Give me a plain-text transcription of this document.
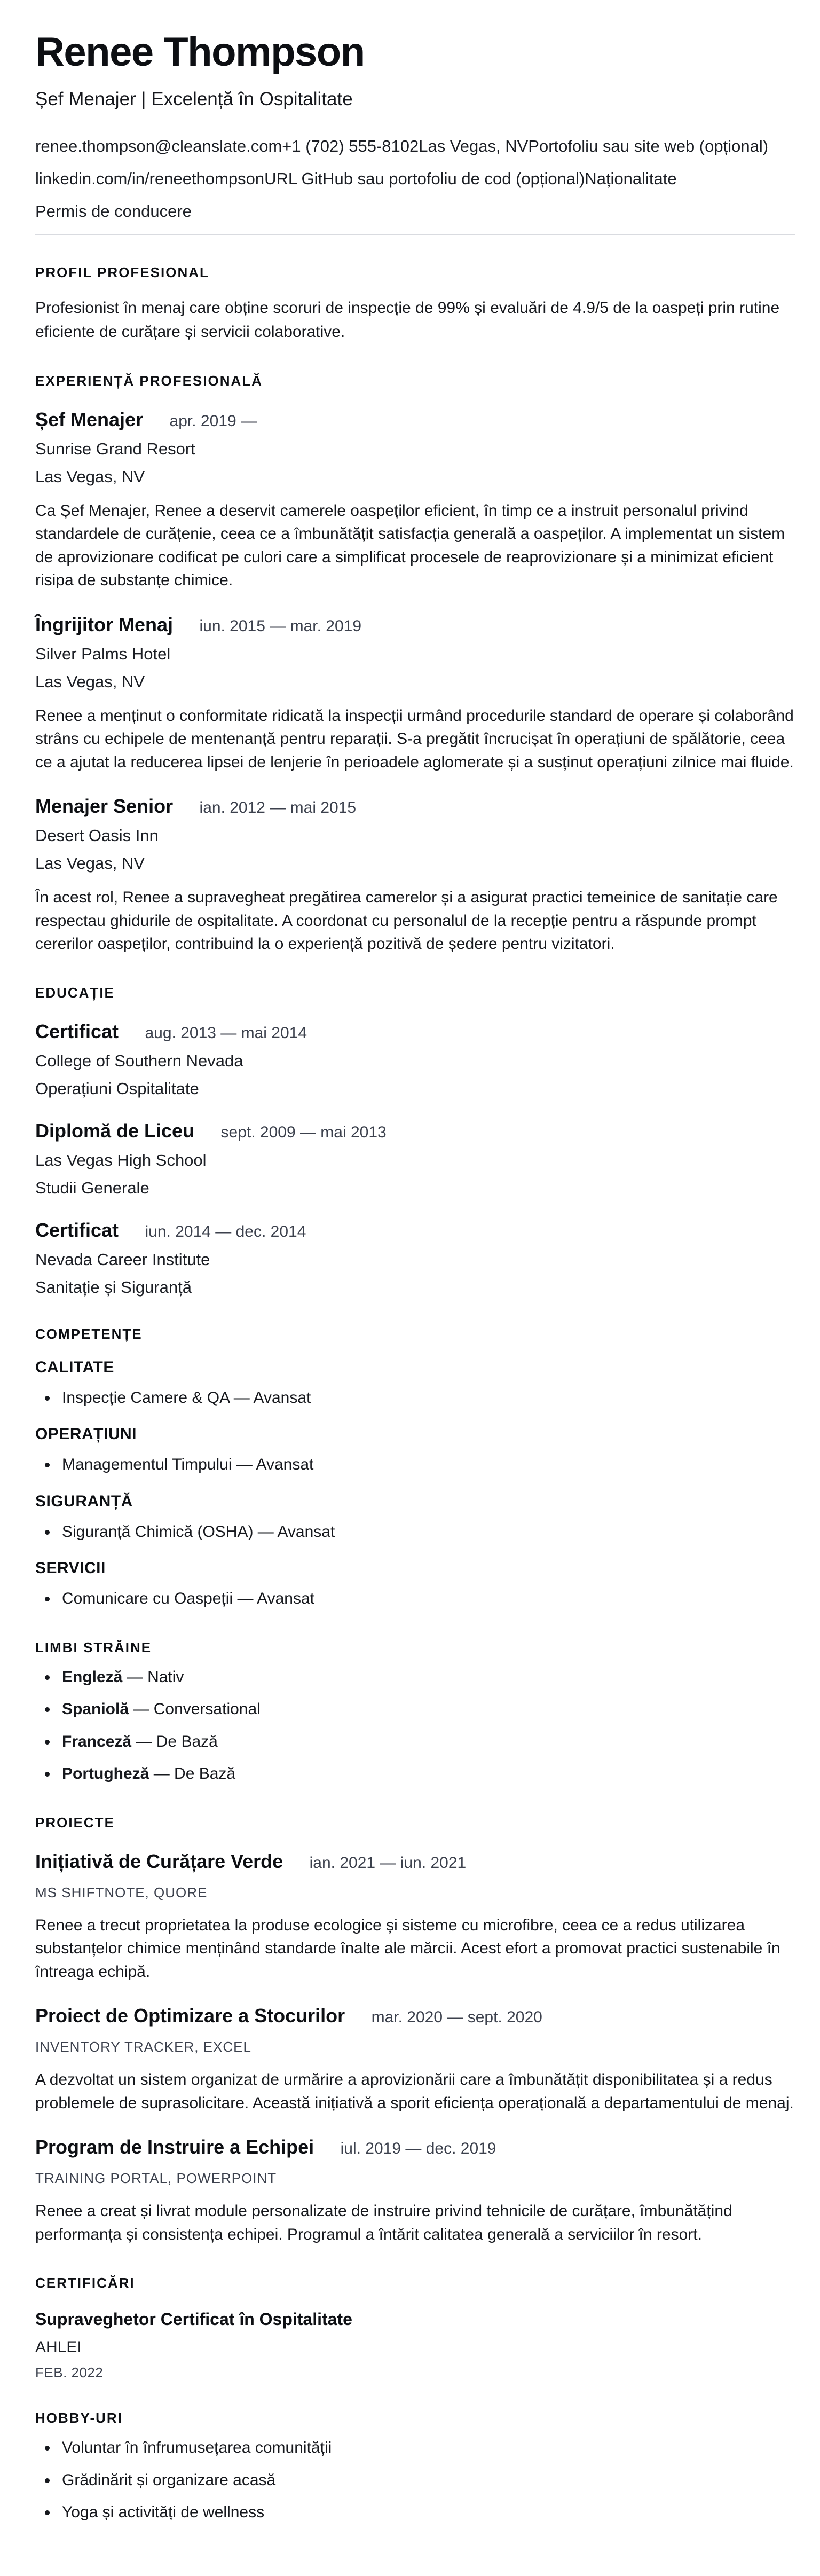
Renee Thompson
Șef Menajer | Excelență în Ospitalitate
renee.thompson@cleanslate.com+1 (702) 555-8102Las Vegas, NVPortofoliu sau site web (opțional)
linkedin.com/in/reneethompsonURL GitHub sau portofoliu de cod (opțional)Naționalitate
Permis de conducere
PROFIL PROFESIONAL

Profesionist în menaj care obține scoruri de inspecție de 99% și evaluări de 4.9/5 de la oaspeți prin rutine eficiente de curățare și servicii colaborative.

EXPERIENȚĂ PROFESIONALĂ
Șef Menajer apr. 2019 —
Sunrise Grand Resort
Las Vegas, NV

Ca Șef Menajer, Renee a deservit camerele oaspeților eficient, în timp ce a instruit personalul privind standardele de curățenie, ceea ce a îmbunătățit satisfacția generală a oaspeților. A implementat un sistem de aprovizionare codificat pe culori care a simplificat procesele de reaprovizionare și a minimizat eficient risipa de substanțe chimice.

Îngrijitor Menaj iun. 2015 — mar. 2019
Silver Palms Hotel
Las Vegas, NV

Renee a menținut o conformitate ridicată la inspecții urmând procedurile standard de operare și colaborând strâns cu echipele de mentenanță pentru reparații. S-a pregătit încrucișat în operațiuni de spălătorie, ceea ce a ajutat la reducerea lipsei de lenjerie în perioadele aglomerate și a susținut operațiuni zilnice mai fluide.

Menajer Senior ian. 2012 — mai 2015
Desert Oasis Inn
Las Vegas, NV

În acest rol, Renee a supravegheat pregătirea camerelor și a asigurat practici temeinice de sanitație care respectau ghidurile de ospitalitate. A coordonat cu personalul de la recepție pentru a răspunde prompt cererilor oaspeților, contribuind la o experiență pozitivă de ședere pentru vizitatori.

EDUCAȚIE
Certificat aug. 2013 — mai 2014
College of Southern Nevada
Operațiuni Ospitalitate
Diplomă de Liceu sept. 2009 — mai 2013
Las Vegas High School
Studii Generale
Certificat iun. 2014 — dec. 2014
Nevada Career Institute
Sanitație și Siguranță
COMPETENȚE
CALITATE
• Inspecție Camere & QA — Avansat
OPERAȚIUNI
• Managementul Timpului — Avansat
SIGURANȚĂ
• Siguranță Chimică (OSHA) — Avansat
SERVICII
• Comunicare cu Oaspeții — Avansat
LIMBI STRĂINE
• Engleză — Nativ
• Spaniolă — Conversational
• Franceză — De Bază
• Portugheză — De Bază
PROIECTE
Inițiativă de Curățare Verde ian. 2021 — iun. 2021
MS SHIFTNOTE, QUORE

Renee a trecut proprietatea la produse ecologice și sisteme cu microfibre, ceea ce a redus utilizarea substanțelor chimice menținând standarde înalte ale mărcii. Acest efort a promovat practici sustenabile în întreaga echipă.

Proiect de Optimizare a Stocurilor mar. 2020 — sept. 2020
INVENTORY TRACKER, EXCEL

A dezvoltat un sistem organizat de urmărire a aprovizionării care a îmbunătățit disponibilitatea și a redus problemele de suprasolicitare. Această inițiativă a sporit eficiența operațională a departamentului de menaj.

Program de Instruire a Echipei iul. 2019 — dec. 2019
TRAINING PORTAL, POWERPOINT

Renee a creat și livrat module personalizate de instruire privind tehnicile de curățare, îmbunătățind performanța și consistența echipei. Programul a întărit calitatea generală a serviciilor în resort.

CERTIFICĂRI
Supraveghetor Certificat în Ospitalitate
AHLEI
FEB. 2022
HOBBY-URI
• Voluntar în înfrumusețarea comunității
• Grădinărit și organizare acasă
• Yoga și activități de wellness
